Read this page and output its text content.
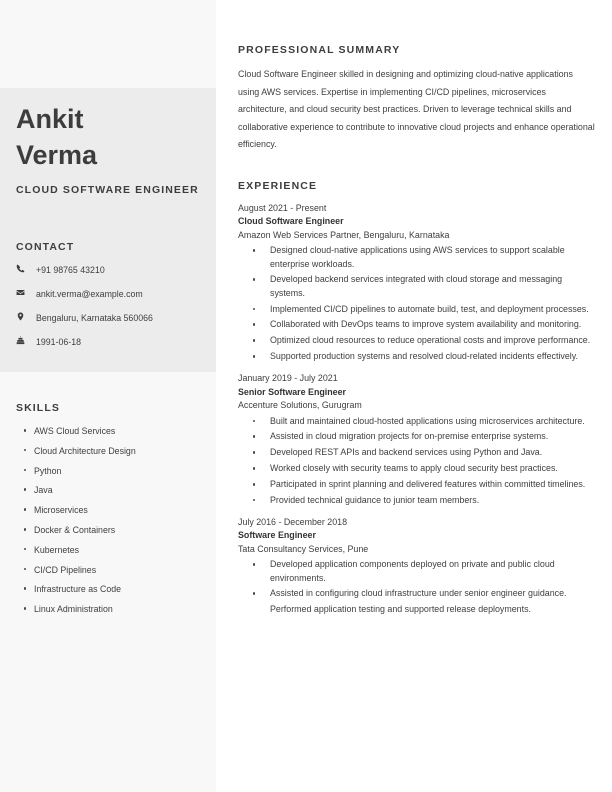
Ankit
Verma
CLOUD SOFTWARE ENGINEER
CONTACT
+91 98765 43210
ankit.verma@example.com
Bengaluru, Karnataka 560066
1991-06-18
SKILLS
AWS Cloud Services
Cloud Architecture Design
Python
Java
Microservices
Docker & Containers
Kubernetes
CI/CD Pipelines
Infrastructure as Code
Linux Administration
PROFESSIONAL SUMMARY
Cloud Software Engineer skilled in designing and optimizing cloud-native applications using AWS services. Expertise in implementing CI/CD pipelines, microservices architecture, and cloud security best practices. Driven to leverage technical skills and collaborative experience to contribute to innovative cloud projects and enhance operational efficiency.
EXPERIENCE
August 2021 - Present
Cloud Software Engineer
Amazon Web Services Partner, Bengaluru, Karnataka
Designed cloud-native applications using AWS services to support scalable enterprise workloads.
Developed backend services integrated with cloud storage and messaging systems.
Implemented CI/CD pipelines to automate build, test, and deployment processes.
Collaborated with DevOps teams to improve system availability and monitoring.
Optimized cloud resources to reduce operational costs and improve performance.
Supported production systems and resolved cloud-related incidents effectively.
January 2019 - July 2021
Senior Software Engineer
Accenture Solutions, Gurugram
Built and maintained cloud-hosted applications using microservices architecture.
Assisted in cloud migration projects for on-premise enterprise systems.
Developed REST APIs and backend services using Python and Java.
Worked closely with security teams to apply cloud security best practices.
Participated in sprint planning and delivered features within committed timelines.
Provided technical guidance to junior team members.
July 2016 - December 2018
Software Engineer
Tata Consultancy Services, Pune
Developed application components deployed on private and public cloud environments.
Assisted in configuring cloud infrastructure under senior engineer guidance.
Performed application testing and supported release deployments.
